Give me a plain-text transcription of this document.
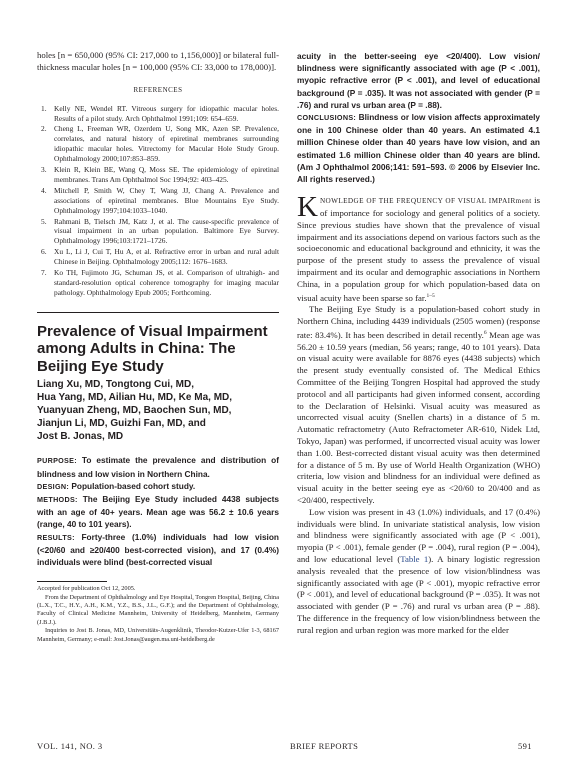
holes [n = 650,000 (95% CI: 217,000 to 1,156,000)] or bilateral full-thickness macular holes [n = 100,000 (95% CI: 33,000 to 178,000)].

REFERENCES
1. Kelly NE, Wendel RT. Vitreous surgery for idiopathic macular holes. Results of a pilot study. Arch Ophthalmol 1991;109: 654–659.
2. Cheng L, Freeman WR, Ozerdem U, Song MK, Azen SP. Prevalence, correlates, and natural history of epiretinal membranes surrounding idiopathic macular holes. Vitrectomy for Macular Hole Study Group. Ophthalmology 2000;107:853–859.
3. Klein R, Klein BE, Wang Q, Moss SE. The epidemiology of epiretinal membranes. Trans Am Ophthalmol Soc 1994;92: 403–425.
4. Mitchell P, Smith W, Chey T, Wang JJ, Chang A. Prevalence and associations of epiretinal membranes. Blue Mountains Eye Study. Ophthalmology 1997;104:1033–1040.
5. Rahmani B, Tielsch JM, Katz J, et al. The cause-specific prevalence of visual impairment in an urban population. Baltimore Eye Survey. Ophthalmology 1996;103:1721–1726.
6. Xu L, Li J, Cui T, Hu A, et al. Refractive error in urban and rural adult Chinese in Beijing. Ophthalmology 2005;112: 1676–1683.
7. Ko TH, Fujimoto JG, Schuman JS, et al. Comparison of ultrahigh- and standard-resolution optical coherence tomography for imaging macular pathology. Ophthalmology Epub 2005; Forthcoming.
Prevalence of Visual Impairment among Adults in China: The Beijing Eye Study
Liang Xu, MD, Tongtong Cui, MD,
Hua Yang, MD, Ailian Hu, MD, Ke Ma, MD,
Yuanyuan Zheng, MD, Baochen Sun, MD,
Jianjun Li, MD, Guizhi Fan, MD, and
Jost B. Jonas, MD

PURPOSE: To estimate the prevalence and distribution of blindness and low vision in Northern China.

DESIGN: Population-based cohort study.

METHODS: The Beijing Eye Study included 4438 subjects with an age of 40+ years. Mean age was 56.2 ± 10.6 years (range, 40 to 101 years).

RESULTS: Forty-three (1.0%) individuals had low vision (<20/60 and ≥20/400 best-corrected vision), and 17 (0.4%) individuals were blind (best-corrected visual

Accepted for publication Oct 12, 2005.

From the Department of Ophthalmology and Eye Hospital, Tongren Hospital, Beijing, China (L.X., T.C., H.Y., A.H., K.M., Y.Z., B.S., J.L., G.F.); and the Department of Ophthalmology, Faculty of Clinical Medicine Mannheim, University of Heidelberg, Mannheim, Germany (J.B.J.).

Inquiries to Jost B. Jonas, MD, Universitäts-Augenklinik, Theodor-Kutzer-Ufer 1-3, 68167 Mannheim, Germany; e-mail: Jost.Jonas@augen.ma.uni-heidelberg.de

acuity in the better-seeing eye <20/400). Low vision/ blindness were significantly associated with age (P < .001), myopic refractive error (P < .001), and level of educational background (P = .035). It was not associated with gender (P = .76) and rural vs urban area (P = .88).

CONCLUSIONS: Blindness or low vision affects approximately one in 100 Chinese older than 40 years. An estimated 4.1 million Chinese older than 40 years have low vision, and an estimated 1.6 million Chinese older than 40 years are blind. (Am J Ophthalmol 2006;141: 591–593. © 2006 by Elsevier Inc. All rights reserved.)

KNOWLEDGE OF THE FREQUENCY OF VISUAL IMPAIRment is of importance for sociology and general politics of a society. Since previous studies have shown that the prevalence of visual impairment and its associations depend on various factors such as the socioeconomic and educational background and ethnicity, it was the purpose of the present study to assess the prevalence of visual impairment and its ocular and demographic associations in Northern China, in a population group for which population-based data on visual acuity have been sparse so far.$^{1-5}$

The Beijing Eye Study is a population-based cohort study in Northern China, including 4439 individuals (2505 women) (response rate: 83.4%). It has been described in detail recently.$^6$ Mean age was 56.20 ± 10.59 years (median, 56 years; range, 40 to 101 years). Data on visual acuity were available for 8876 eyes (4438 subjects) which the present study eventually consisted of. The Medical Ethics Committee of the Beijing Tongren Hospital had approved the study protocol and all participants had given informed consent, according to the Declaration of Helsinki. Visual acuity was measured as uncorrected visual acuity (Snellen charts) in a distance of 5 m. Automatic refractometry (Auto Refractometer AR-610, Nidek Ltd, Tokyo, Japan) was performed, if uncorrected visual acuity was lower than 1.00. Best-corrected distant visual acuity was then determined for a distance of 5 m. By use of World Health Organization (WHO) criteria, low vision and blindness for an individual were defined as visual acuity in the better seeing eye as <20/60 to 20/400 and as <20/400, respectively.

Low vision was present in 43 (1.0%) individuals, and 17 (0.4%) individuals were blind. In univariate statistical analysis, low vision and blindness were significantly associated with age (P < .001), myopia (P < .001), female gender (P = .004), rural region (P = .004), and low educational level (Table 1). A binary logistic regression analysis revealed that the presence of low vision/blindness was significantly associated with age (P < .001), myopic refractive error (P < .001), and level of educational background (P = .035). It was not associated with gender (P = .76) and rural vs urban area (P = .88). The difference in the frequency of low vision/blindness between the rural region and urban region was more marked for the elder

VOL. 141, NO. 3	BRIEF REPORTS	591
